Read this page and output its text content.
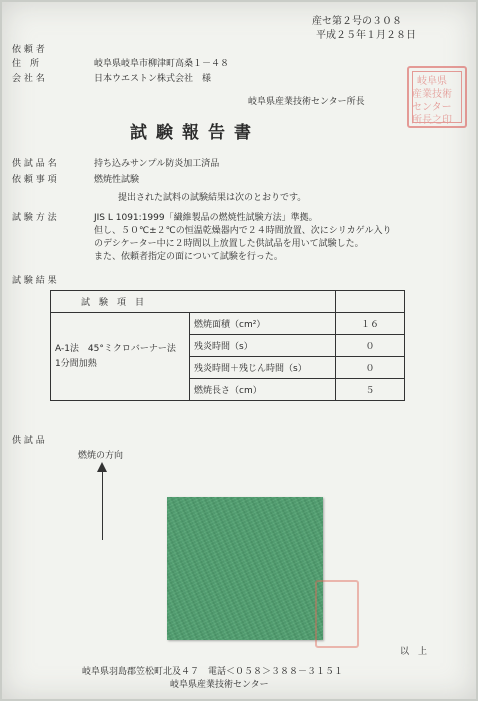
産セ第２号の３０８
平成２５年１月２８日
依 頼 者
住　所	岐阜県岐阜市柳津町高桑１－４８
会 社 名	日本ウエストン株式会社　様	岐阜県
産業技術
センター
所長之印
岐阜県産業技術センター所長
試験報告書
供 試 品 名	持ち込みサンプル防炎加工済品
依 頼 事 項	燃焼性試験
提出された試料の試験結果は次のとおりです。
試 験 方 法	JIS L 1091:1999「繊維製品の燃焼性試験方法」準拠。
但し、５０℃±２℃の恒温乾燥器内で２４時間放置、次にシリカゲル入り
のデシケーター中に２時間以上放置した供試品を用いて試験した。
また、依頼者指定の面について試験を行った。
試 験 結 果
試　験　項　目		

A-1法　45°ミクロバーナー法
1分間加熱	燃焼面積（cm²）	１６
	残炎時間（s）	０
	残炎時間＋残じん時間（s）	０
	燃焼長さ（cm）	５
供 試 品
燃焼の方向
以　上
岐阜県羽島郡笠松町北及４７　電話＜０５８＞３８８－３１５１
岐阜県産業技術センター
